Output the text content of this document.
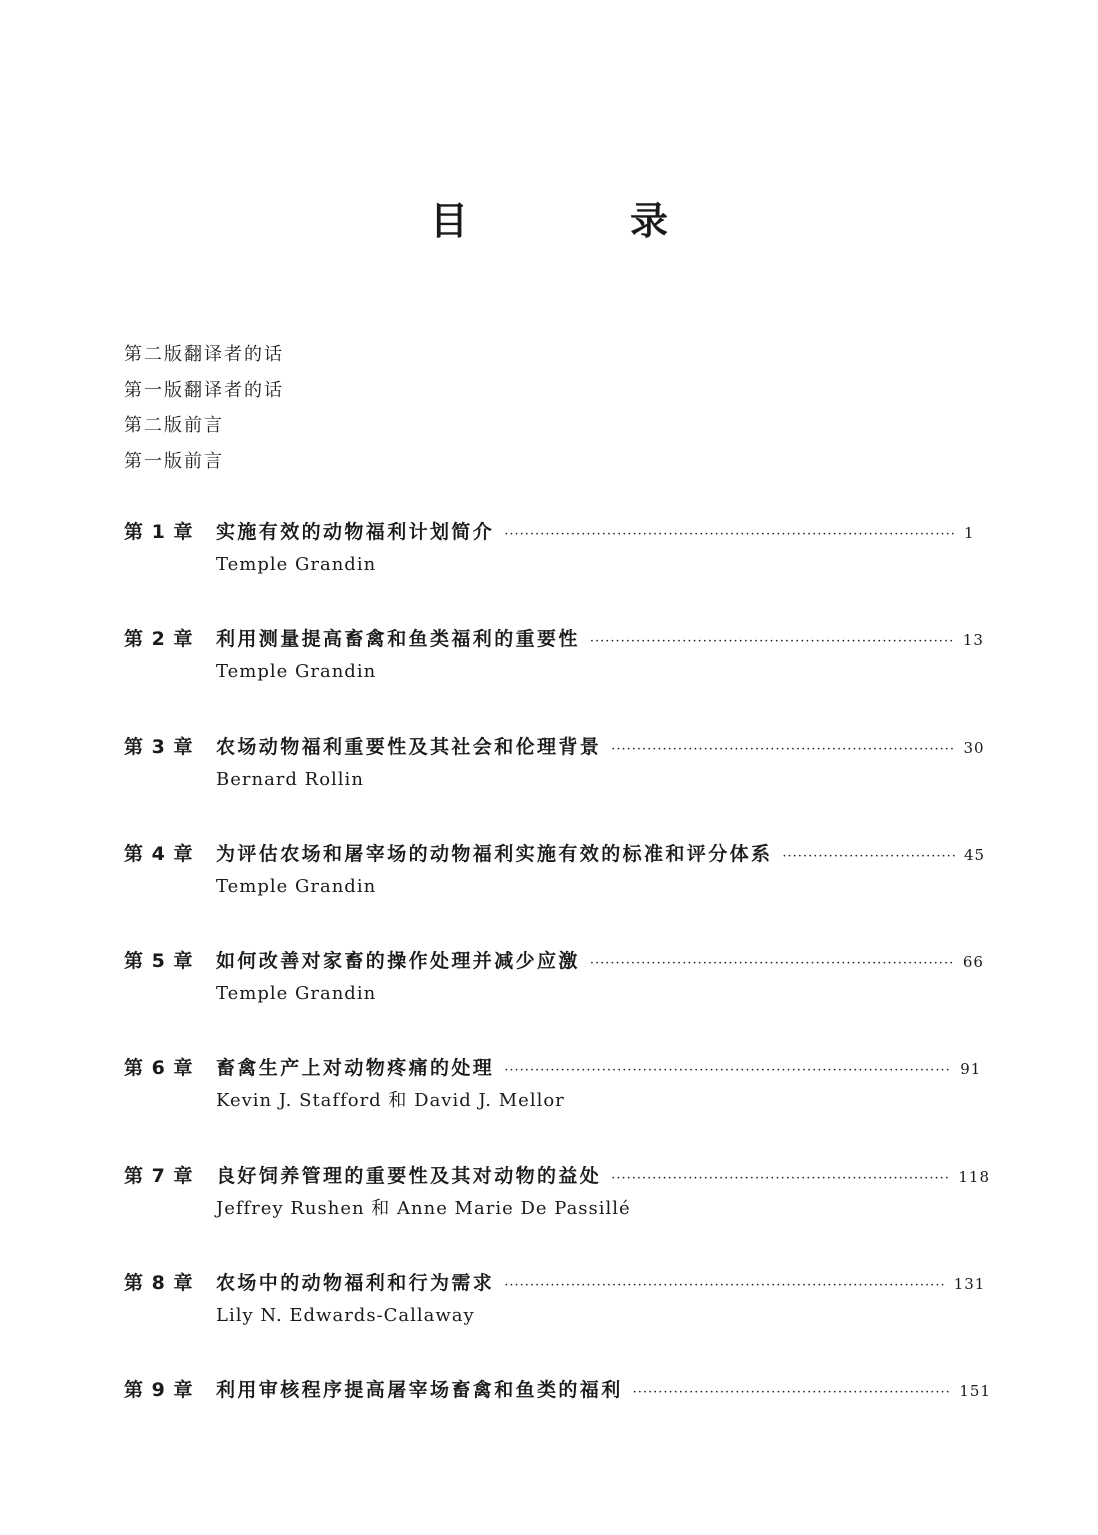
目　录
第二版翻译者的话
第一版翻译者的话
第二版前言
第一版前言
第 1 章	实施有效的动物福利计划简介 ·····	1
Temple Grandin
第 2 章	利用测量提高畜禽和鱼类福利的重要性 ·····	13
Temple Grandin
第 3 章	农场动物福利重要性及其社会和伦理背景 ·····	30
Bernard Rollin
第 4 章	为评估农场和屠宰场的动物福利实施有效的标准和评分体系 ·····	45
Temple Grandin
第 5 章	如何改善对家畜的操作处理并减少应激 ·····	66
Temple Grandin
第 6 章	畜禽生产上对动物疼痛的处理 ·····	91
Kevin J. Stafford 和 David J. Mellor
第 7 章	良好饲养管理的重要性及其对动物的益处 ·····	118
Jeffrey Rushen 和 Anne Marie De Passillé
第 8 章	农场中的动物福利和行为需求 ·····	131
Lily N. Edwards-Callaway
第 9 章	利用审核程序提高屠宰场畜禽和鱼类的福利 ·····	151
